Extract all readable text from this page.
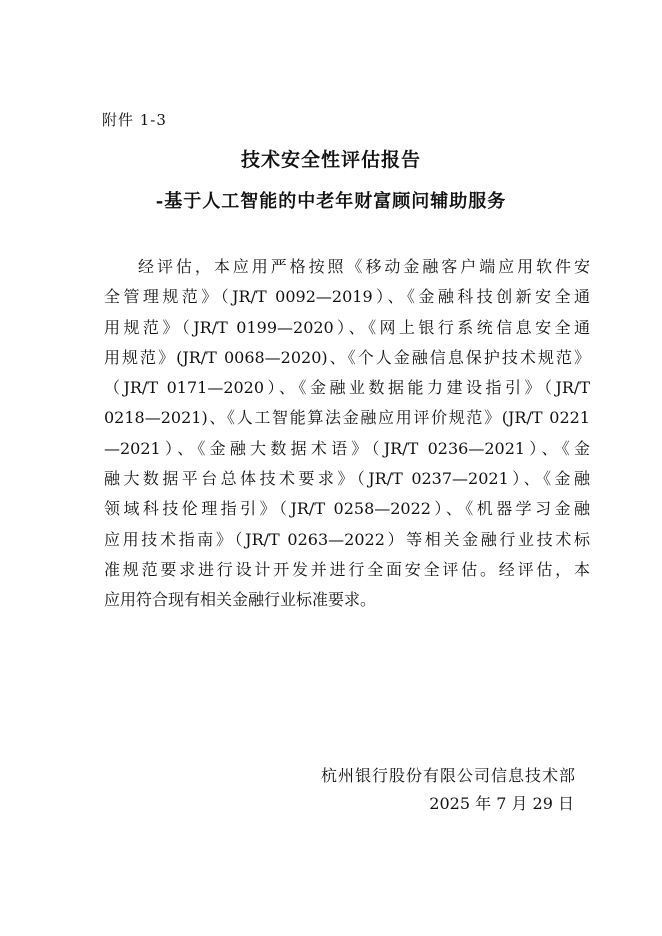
附件 1-3
技术安全性评估报告
-基于人工智能的中老年财富顾问辅助服务
经评估，本应用严格按照《移动金融客户端应用软件安
全管理规范》（JR/T 0092—2019）、《金融科技创新安全通
用规范》（JR/T 0199—2020）、《网上银行系统信息安全通
用规范》(JR/T 0068—2020)、《个人金融信息保护技术规范》
（JR/T 0171—2020）、《金融业数据能力建设指引》（JR/T
0218—2021)、《人工智能算法金融应用评价规范》(JR/T 0221
—2021）、《金融大数据术语》（JR/T 0236—2021）、《金
融大数据平台总体技术要求》（JR/T 0237—2021）、《金融
领域科技伦理指引》（JR/T 0258—2022）、《机器学习金融
应用技术指南》（JR/T 0263—2022）等相关金融行业技术标
准规范要求进行设计开发并进行全面安全评估。经评估，本
应用符合现有相关金融行业标准要求。
杭州银行股份有限公司信息技术部
2025 年 7 月 29 日
